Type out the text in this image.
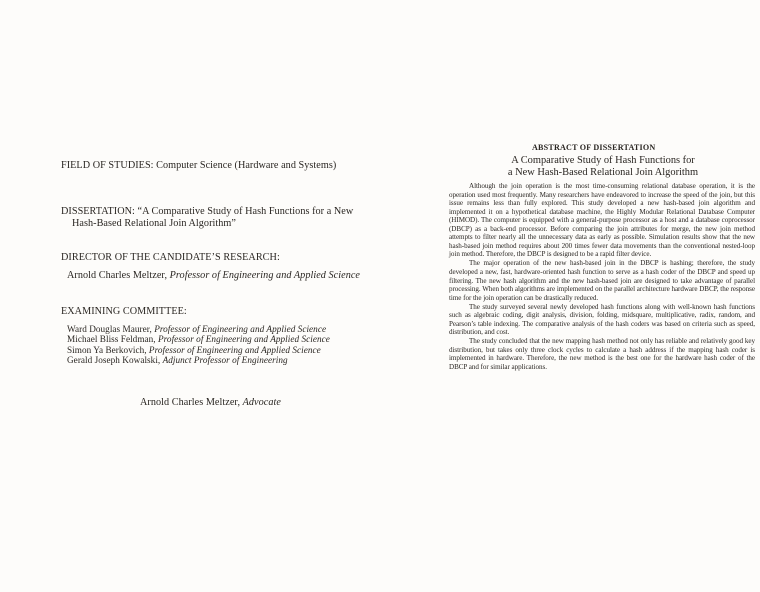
FIELD OF STUDIES: Computer Science (Hardware and Systems)
DISSERTATION: “A Comparative Study of Hash Functions for a New
Hash-Based Relational Join Algorithm”
DIRECTOR OF THE CANDIDATE’S RESEARCH:
Arnold Charles Meltzer, Professor of Engineering and Applied Science
EXAMINING COMMITTEE:
Ward Douglas Maurer, Professor of Engineering and Applied Science
Michael Bliss Feldman, Professor of Engineering and Applied Science
Simon Ya Berkovich, Professor of Engineering and Applied Science
Gerald Joseph Kowalski, Adjunct Professor of Engineering
Arnold Charles Meltzer, Advocate
ABSTRACT OF DISSERTATION
A Comparative Study of Hash Functions for
a New Hash-Based Relational Join Algorithm

Although the join operation is the most time-consuming relational database operation, it is the operation used most frequently. Many researchers have endeavored to increase the speed of the join, but this issue remains less than fully explored. This study developed a new hash-based join algorithm and implemented it on a hypothetical database machine, the Highly Modular Relational Database Computer (HIMOD). The computer is equipped with a general-purpose processor as a host and a database coprocessor (DBCP) as a back-end processor. Before comparing the join attributes for merge, the new join method attempts to filter nearly all the unnecessary data as early as possible. Simulation results show that the new hash-based join method requires about 200 times fewer data movements than the conventional nested-loop join method. Therefore, the DBCP is designed to be a rapid filter device.

The major operation of the new hash-based join in the DBCP is hashing; therefore, the study developed a new, fast, hardware-oriented hash function to serve as a hash coder of the DBCP and speed up filtering. The new hash algorithm and the new hash-based join are designed to take advantage of parallel processing. When both algorithms are implemented on the parallel architecture hardware DBCP, the response time for the join operation can be drastically reduced.

The study surveyed several newly developed hash functions along with well-known hash functions such as algebraic coding, digit analysis, division, folding, midsquare, multiplicative, radix, random, and Pearson’s table indexing. The comparative analysis of the hash coders was based on criteria such as speed, distribution, and cost.

The study concluded that the new mapping hash method not only has reliable and relatively good key distribution, but takes only three clock cycles to calculate a hash address if the mapping hash coder is implemented in hardware. Therefore, the new method is the best one for the hardware hash coder of the DBCP and for similar applications.
